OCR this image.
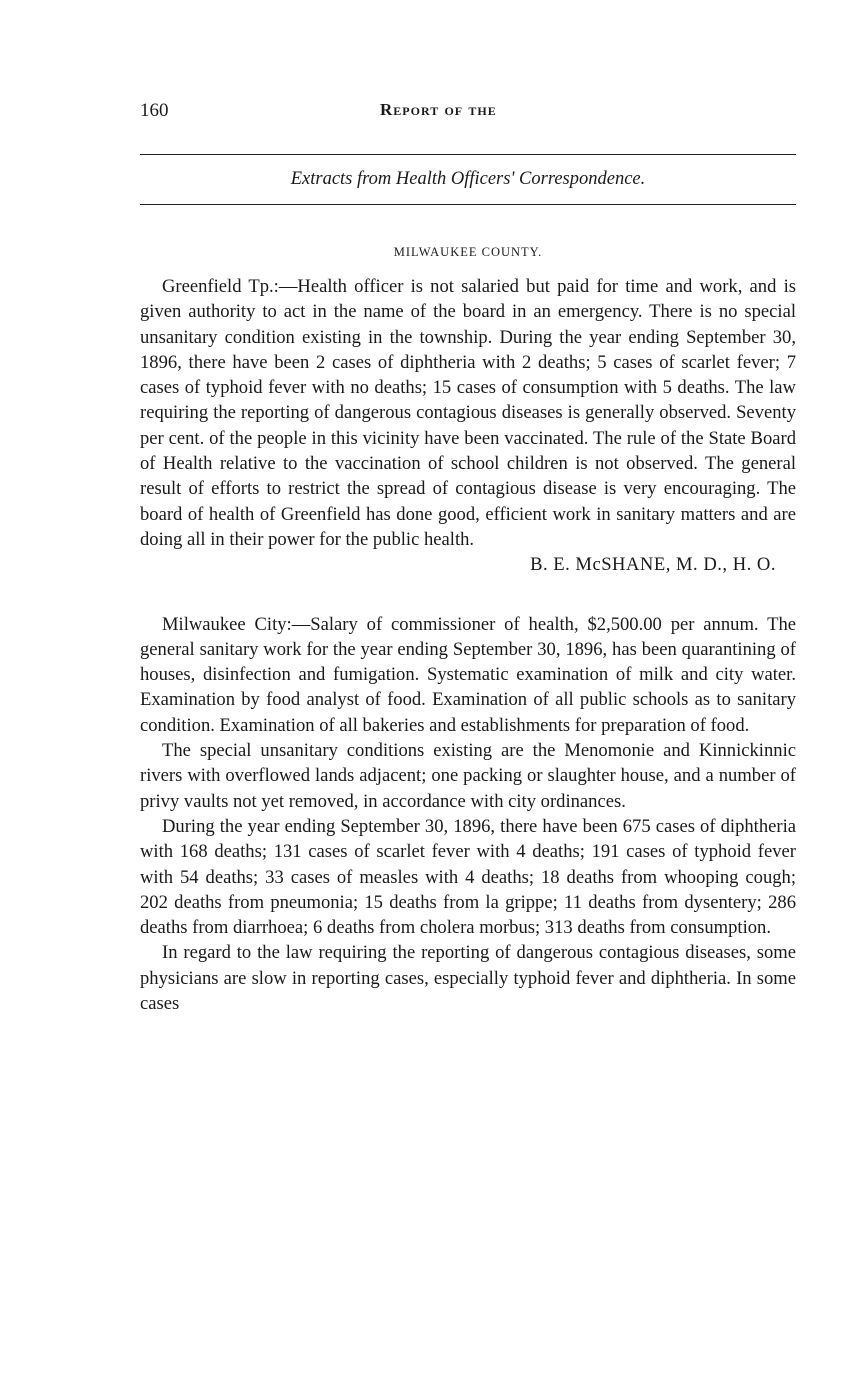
160	Report of the
Extracts from Health Officers' Correspondence.
MILWAUKEE COUNTY.

Greenfield Tp.:—Health officer is not salaried but paid for time and work, and is given authority to act in the name of the board in an emergency. There is no special unsanitary condition existing in the township. During the year ending September 30, 1896, there have been 2 cases of diphtheria with 2 deaths; 5 cases of scarlet fever; 7 cases of typhoid fever with no deaths; 15 cases of consumption with 5 deaths. The law requiring the reporting of dangerous contagious diseases is generally observed. Seventy per cent. of the people in this vicinity have been vaccinated. The rule of the State Board of Health relative to the vaccination of school children is not observed. The general result of efforts to restrict the spread of contagious disease is very encouraging. The board of health of Greenfield has done good, efficient work in sanitary matters and are doing all in their power for the public health.

B. E. McSHANE, M. D., H. O.

Milwaukee City:—Salary of commissioner of health, $2,500.00 per annum. The general sanitary work for the year ending September 30, 1896, has been quarantining of houses, disinfection and fumigation. Systematic examination of milk and city water. Examination by food analyst of food. Examination of all public schools as to sanitary condition. Examination of all bakeries and establishments for preparation of food.

The special unsanitary conditions existing are the Menomonie and Kinnickinnic rivers with overflowed lands adjacent; one packing or slaughter house, and a number of privy vaults not yet removed, in accordance with city ordinances.

During the year ending September 30, 1896, there have been 675 cases of diphtheria with 168 deaths; 131 cases of scarlet fever with 4 deaths; 191 cases of typhoid fever with 54 deaths; 33 cases of measles with 4 deaths; 18 deaths from whooping cough; 202 deaths from pneumonia; 15 deaths from la grippe; 11 deaths from dysentery; 286 deaths from diarrhoea; 6 deaths from cholera morbus; 313 deaths from consumption.

In regard to the law requiring the reporting of dangerous contagious diseases, some physicians are slow in reporting cases, especially typhoid fever and diphtheria. In some cases
